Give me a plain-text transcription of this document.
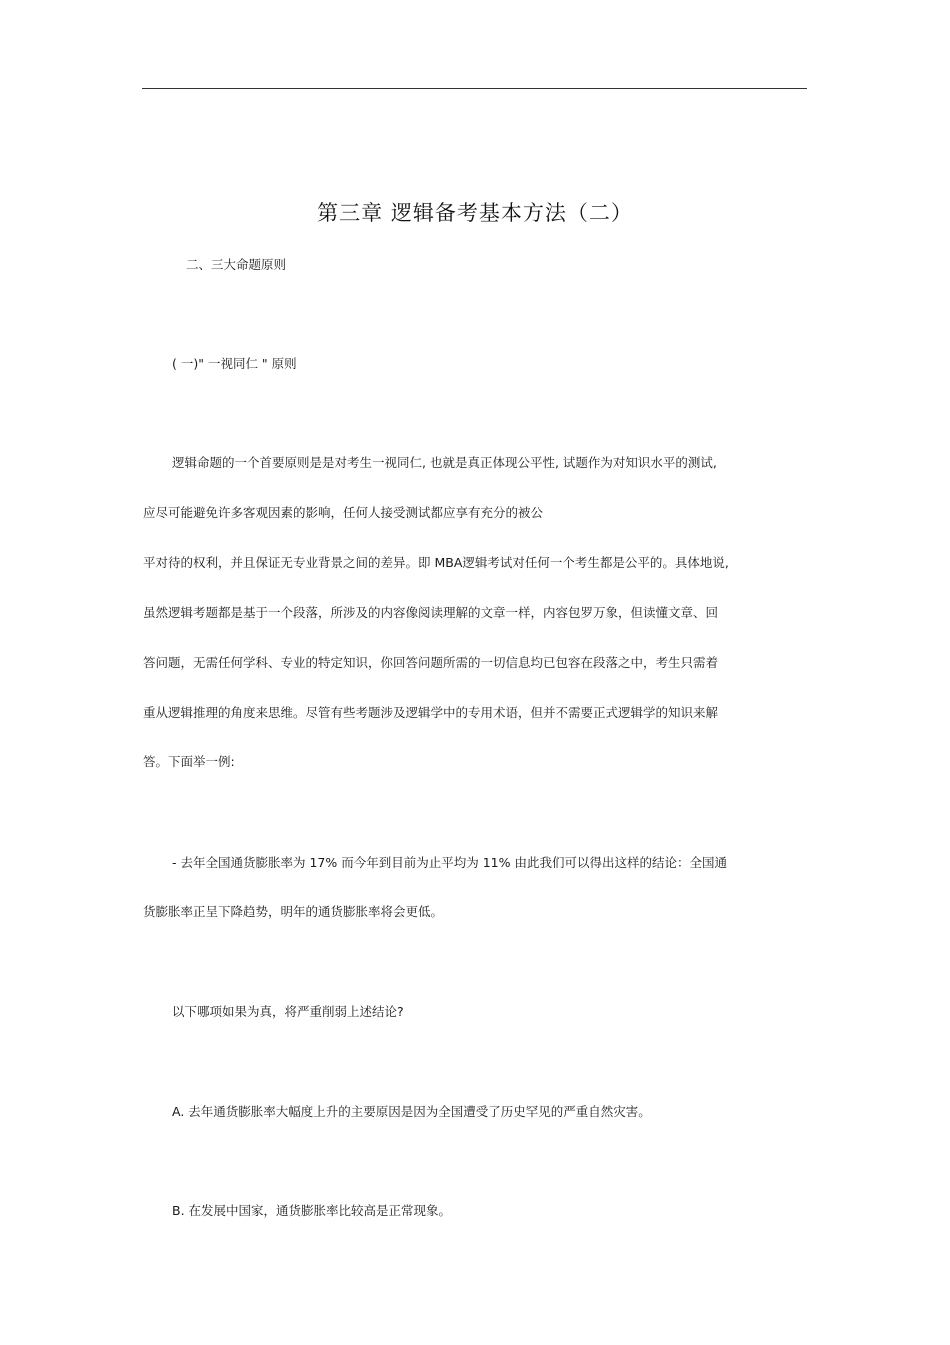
第三章 逻辑备考基本方法（二）
二、三大命题原则
( 一)" 一视同仁 " 原则
逻辑命题的一个首要原则是是对考生一视同仁, 也就是真正体现公平性, 试题作为对知识水平的测试,
应尽可能避免许多客观因素的影响，任何人接受测试都应享有充分的被公
平对待的权利，并且保证无专业背景之间的差异。即 MBA逻辑考试对任何一个考生都是公平的。具体地说,
虽然逻辑考题都是基于一个段落，所涉及的内容像阅读理解的文章一样，内容包罗万象，但读懂文章、回
答问题，无需任何学科、专业的特定知识，你回答问题所需的一切信息均已包容在段落之中，考生只需着
重从逻辑推理的角度来思维。尽管有些考题涉及逻辑学中的专用术语，但并不需要正式逻辑学的知识来解
答。下面举一例:
- 去年全国通货膨胀率为 17% 而今年到目前为止平均为 11% 由此我们可以得出这样的结论：全国通
货膨胀率正呈下降趋势，明年的通货膨胀率将会更低。
以下哪项如果为真，将严重削弱上述结论?
A. 去年通货膨胀率大幅度上升的主要原因是因为全国遭受了历史罕见的严重自然灾害。
B. 在发展中国家，通货膨胀率比较高是正常现象。
